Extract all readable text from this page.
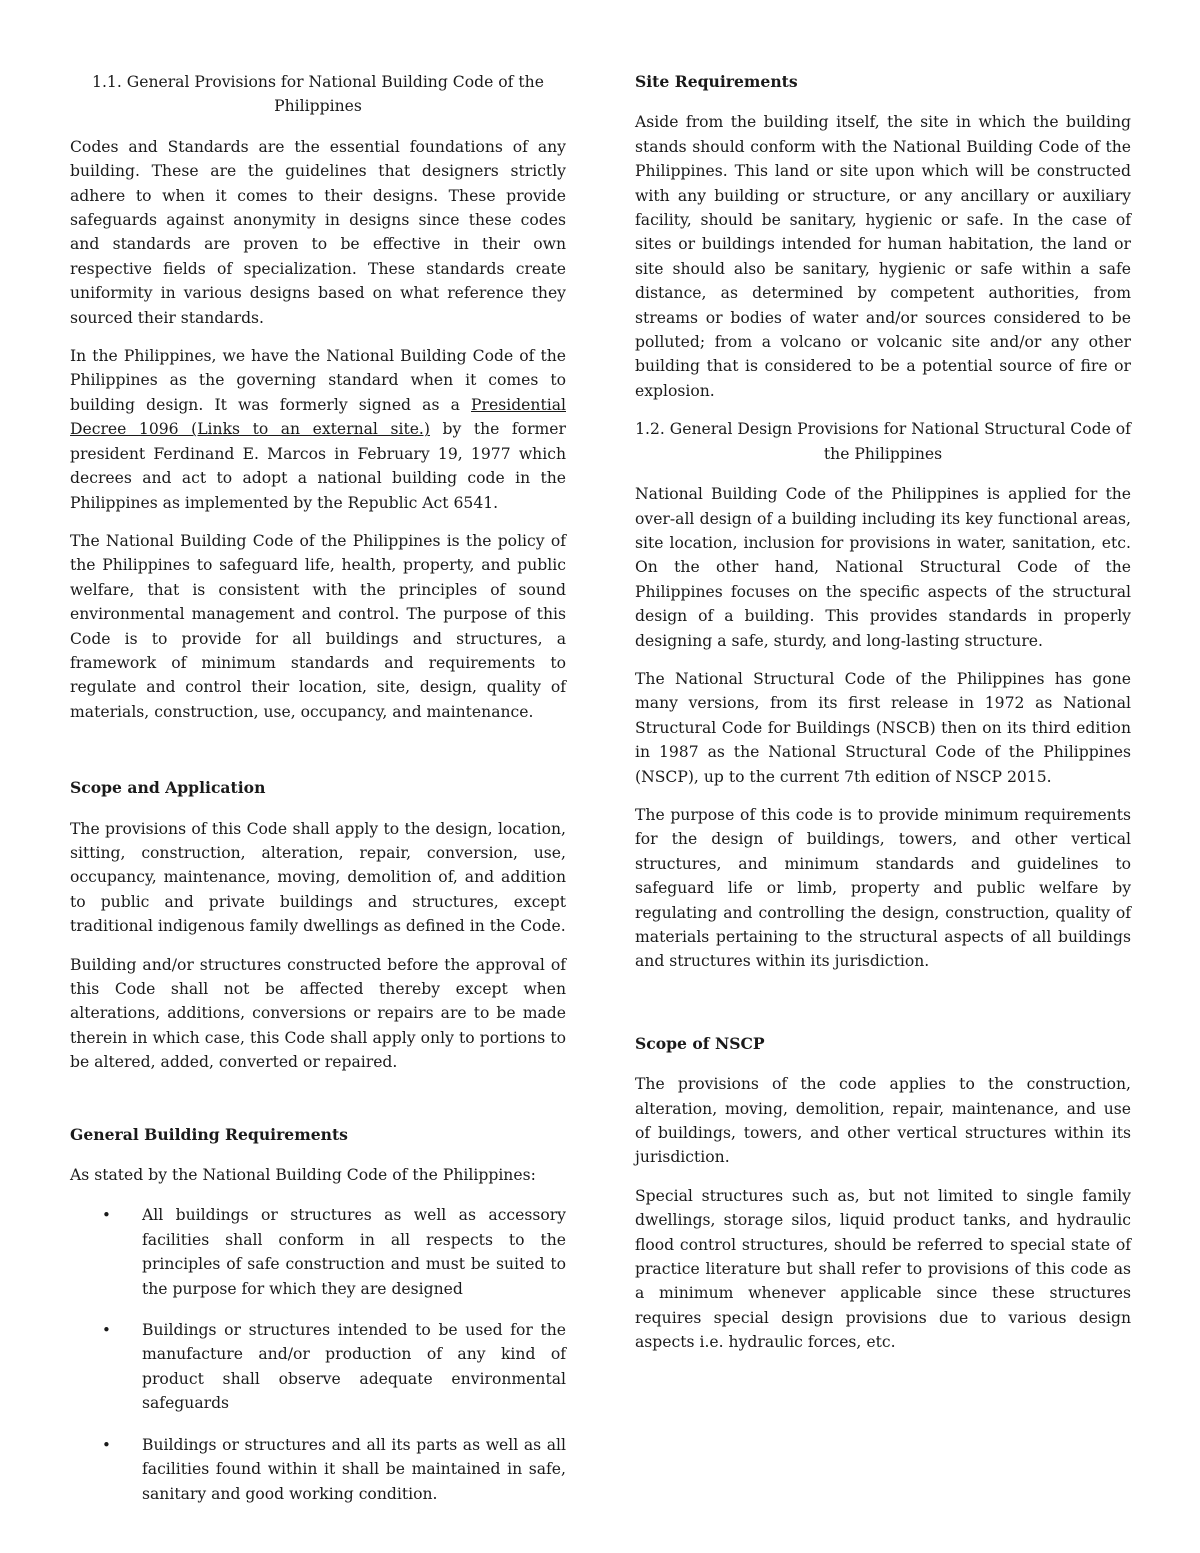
1.1. General Provisions for National Building Code of the Philippines

Codes and Standards are the essential foundations of any building. These are the guidelines that designers strictly adhere to when it comes to their designs. These provide safeguards against anonymity in designs since these codes and standards are proven to be effective in their own respective fields of specialization. These standards create uniformity in various designs based on what reference they sourced their standards.

In the Philippines, we have the National Building Code of the Philippines as the governing standard when it comes to building design. It was formerly signed as a Presidential Decree 1096 (Links to an external site.) by the former president Ferdinand E. Marcos in February 19, 1977 which decrees and act to adopt a national building code in the Philippines as implemented by the Republic Act 6541.

The National Building Code of the Philippines is the policy of the Philippines to safeguard life, health, property, and public welfare, that is consistent with the principles of sound environmental management and control. The purpose of this Code is to provide for all buildings and structures, a framework of minimum standards and requirements to regulate and control their location, site, design, quality of materials, construction, use, occupancy, and maintenance.

Scope and Application

The provisions of this Code shall apply to the design, location, sitting, construction, alteration, repair, conversion, use, occupancy, maintenance, moving, demolition of, and addition to public and private buildings and structures, except traditional indigenous family dwellings as defined in the Code.

Building and/or structures constructed before the approval of this Code shall not be affected thereby except when alterations, additions, conversions or repairs are to be made therein in which case, this Code shall apply only to portions to be altered, added, converted or repaired.

General Building Requirements

As stated by the National Building Code of the Philippines:

• All buildings or structures as well as accessory facilities shall conform in all respects to the principles of safe construction and must be suited to the purpose for which they are designed
• Buildings or structures intended to be used for the manufacture and/or production of any kind of product shall observe adequate environmental safeguards
• Buildings or structures and all its parts as well as all facilities found within it shall be maintained in safe, sanitary and good working condition.
Site Requirements

Aside from the building itself, the site in which the building stands should conform with the National Building Code of the Philippines. This land or site upon which will be constructed with any building or structure, or any ancillary or auxiliary facility, should be sanitary, hygienic or safe. In the case of sites or buildings intended for human habitation, the land or site should also be sanitary, hygienic or safe within a safe distance, as determined by competent authorities, from streams or bodies of water and/or sources considered to be polluted; from a volcano or volcanic site and/or any other building that is considered to be a potential source of fire or explosion.

1.2. General Design Provisions for National Structural Code of the Philippines

National Building Code of the Philippines is applied for the over-all design of a building including its key functional areas, site location, inclusion for provisions in water, sanitation, etc. On the other hand, National Structural Code of the Philippines focuses on the specific aspects of the structural design of a building. This provides standards in properly designing a safe, sturdy, and long-lasting structure.

The National Structural Code of the Philippines has gone many versions, from its first release in 1972 as National Structural Code for Buildings (NSCB) then on its third edition in 1987 as the National Structural Code of the Philippines (NSCP), up to the current 7th edition of NSCP 2015.

The purpose of this code is to provide minimum requirements for the design of buildings, towers, and other vertical structures, and minimum standards and guidelines to safeguard life or limb, property and public welfare by regulating and controlling the design, construction, quality of materials pertaining to the structural aspects of all buildings and structures within its jurisdiction.

Scope of NSCP

The provisions of the code applies to the construction, alteration, moving, demolition, repair, maintenance, and use of buildings, towers, and other vertical structures within its jurisdiction.

Special structures such as, but not limited to single family dwellings, storage silos, liquid product tanks, and hydraulic flood control structures, should be referred to special state of practice literature but shall refer to provisions of this code as a minimum whenever applicable since these structures requires special design provisions due to various design aspects i.e. hydraulic forces, etc.
